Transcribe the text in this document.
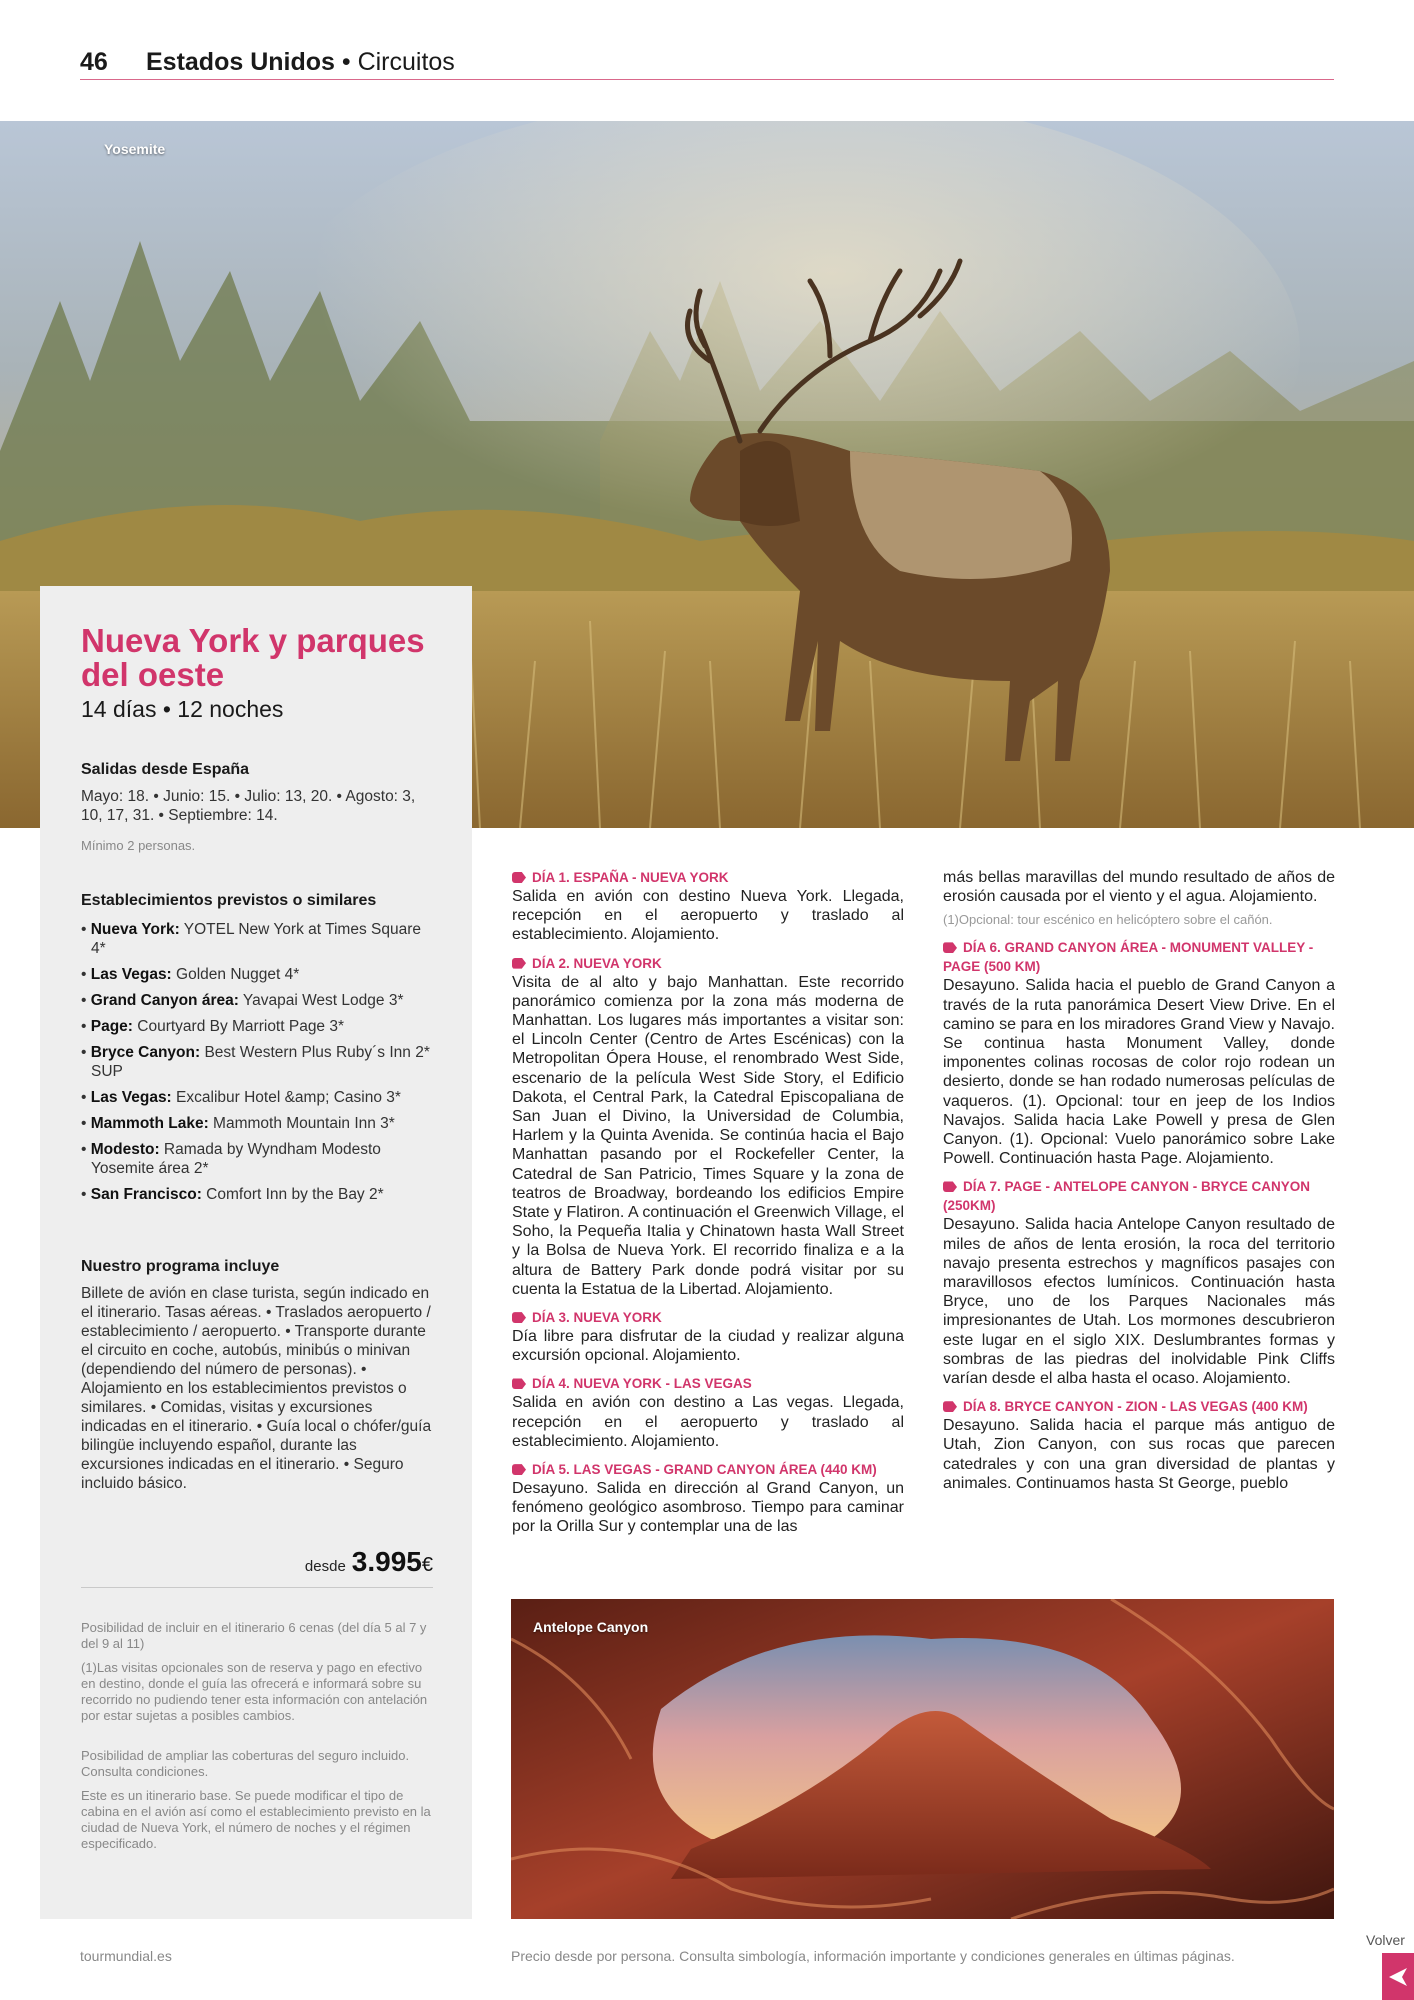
46 Estados Unidos • Circuitos
Yosemite
Nueva York y parques del oeste
14 días • 12 noches
Salidas desde España
Mayo: 18. • Junio: 15. • Julio: 13, 20. • Agosto: 3, 10, 17, 31. • Septiembre: 14.
Mínimo 2 personas.
Establecimientos previstos o similares
• Nueva York: YOTEL New York at Times Square 4*
• Las Vegas: Golden Nugget 4*
• Grand Canyon área: Yavapai West Lodge 3*
• Page: Courtyard By Marriott Page 3*
• Bryce Canyon: Best Western Plus Ruby´s Inn 2* SUP
• Las Vegas: Excalibur Hotel &amp; Casino 3*
• Mammoth Lake: Mammoth Mountain Inn 3*
• Modesto: Ramada by Wyndham Modesto Yosemite área 2*
• San Francisco: Comfort Inn by the Bay 2*
Nuestro programa incluye
Billete de avión en clase turista, según indicado en el itinerario. Tasas aéreas. • Traslados aeropuerto / establecimiento / aeropuerto. • Transporte durante el circuito en coche, autobús, minibús o minivan (dependiendo del número de personas). • Alojamiento en los establecimientos previstos o similares. • Comidas, visitas y excursiones indicadas en el itinerario. • Guía local o chófer/guía bilingüe incluyendo español, durante las excursiones indicadas en el itinerario. • Seguro incluido básico.
desde 3.995€
Posibilidad de incluir en el itinerario 6 cenas (del día 5 al 7 y del 9 al 11)
(1)Las visitas opcionales son de reserva y pago en efectivo en destino, donde el guía las ofrecerá e informará sobre su recorrido no pudiendo tener esta información con antelación por estar sujetas a posibles cambios.
Posibilidad de ampliar las coberturas del seguro incluido. Consulta condiciones.
Este es un itinerario base. Se puede modificar el tipo de cabina en el avión así como el establecimiento previsto en la ciudad de Nueva York, el número de noches y el régimen especificado.
DÍA 1. ESPAÑA - NUEVA YORK

Salida en avión con destino Nueva York. Llegada, recepción en el aeropuerto y traslado al establecimiento. Alojamiento.

DÍA 2. NUEVA YORK

Visita de al alto y bajo Manhattan. Este recorrido panorámico comienza por la zona más moderna de Manhattan. Los lugares más importantes a visitar son: el Lincoln Center (Centro de Artes Escénicas) con la Metropolitan Ópera House, el renombrado West Side, escenario de la película West Side Story, el Edificio Dakota, el Central Park, la Catedral Episcopaliana de San Juan el Divino, la Universidad de Columbia, Harlem y la Quinta Avenida. Se continúa hacia el Bajo Manhattan pasando por el Rockefeller Center, la Catedral de San Patricio, Times Square y la zona de teatros de Broadway, bordeando los edificios Empire State y Flatiron. A continuación el Greenwich Village, el Soho, la Pequeña Italia y Chinatown hasta Wall Street y la Bolsa de Nueva York. El recorrido finaliza e a la altura de Battery Park donde podrá visitar por su cuenta la Estatua de la Libertad. Alojamiento.

DÍA 3. NUEVA YORK

Día libre para disfrutar de la ciudad y realizar alguna excursión opcional. Alojamiento.

DÍA 4. NUEVA YORK - LAS VEGAS

Salida en avión con destino a Las vegas. Llegada, recepción en el aeropuerto y traslado al establecimiento. Alojamiento.

DÍA 5. LAS VEGAS - GRAND CANYON ÁREA (440 KM)

Desayuno. Salida en dirección al Grand Canyon, un fenómeno geológico asombroso. Tiempo para caminar por la Orilla Sur y contemplar una de las

más bellas maravillas del mundo resultado de años de erosión causada por el viento y el agua. Alojamiento.

(1)Opcional: tour escénico en helicóptero sobre el cañón.

DÍA 6. GRAND CANYON ÁREA - MONUMENT VALLEY - PAGE (500 KM)

Desayuno. Salida hacia el pueblo de Grand Canyon a través de la ruta panorámica Desert View Drive. En el camino se para en los miradores Grand View y Navajo. Se continua hasta Monument Valley, donde imponentes colinas rocosas de color rojo rodean un desierto, donde se han rodado numerosas películas de vaqueros. (1). Opcional: tour en jeep de los Indios Navajos. Salida hacia Lake Powell y presa de Glen Canyon. (1). Opcional: Vuelo panorámico sobre Lake Powell. Continuación hasta Page. Alojamiento.

DÍA 7. PAGE - ANTELOPE CANYON - BRYCE CANYON (250KM)

Desayuno. Salida hacia Antelope Canyon resultado de miles de años de lenta erosión, la roca del territorio navajo presenta estrechos y magníficos pasajes con maravillosos efectos lumínicos. Continuación hasta Bryce, uno de los Parques Nacionales más impresionantes de Utah. Los mormones descubrieron este lugar en el siglo XIX. Deslumbrantes formas y sombras de las piedras del inolvidable Pink Cliffs varían desde el alba hasta el ocaso. Alojamiento.

DÍA 8. BRYCE CANYON - ZION - LAS VEGAS (400 KM)

Desayuno. Salida hacia el parque más antiguo de Utah, Zion Canyon, con sus rocas que parecen catedrales y con una gran diversidad de plantas y animales. Continuamos hasta St George, pueblo

Antelope Canyon
tourmundial.es	Precio desde por persona. Consulta simbología, información importante y condiciones generales en últimas páginas.
Volver
